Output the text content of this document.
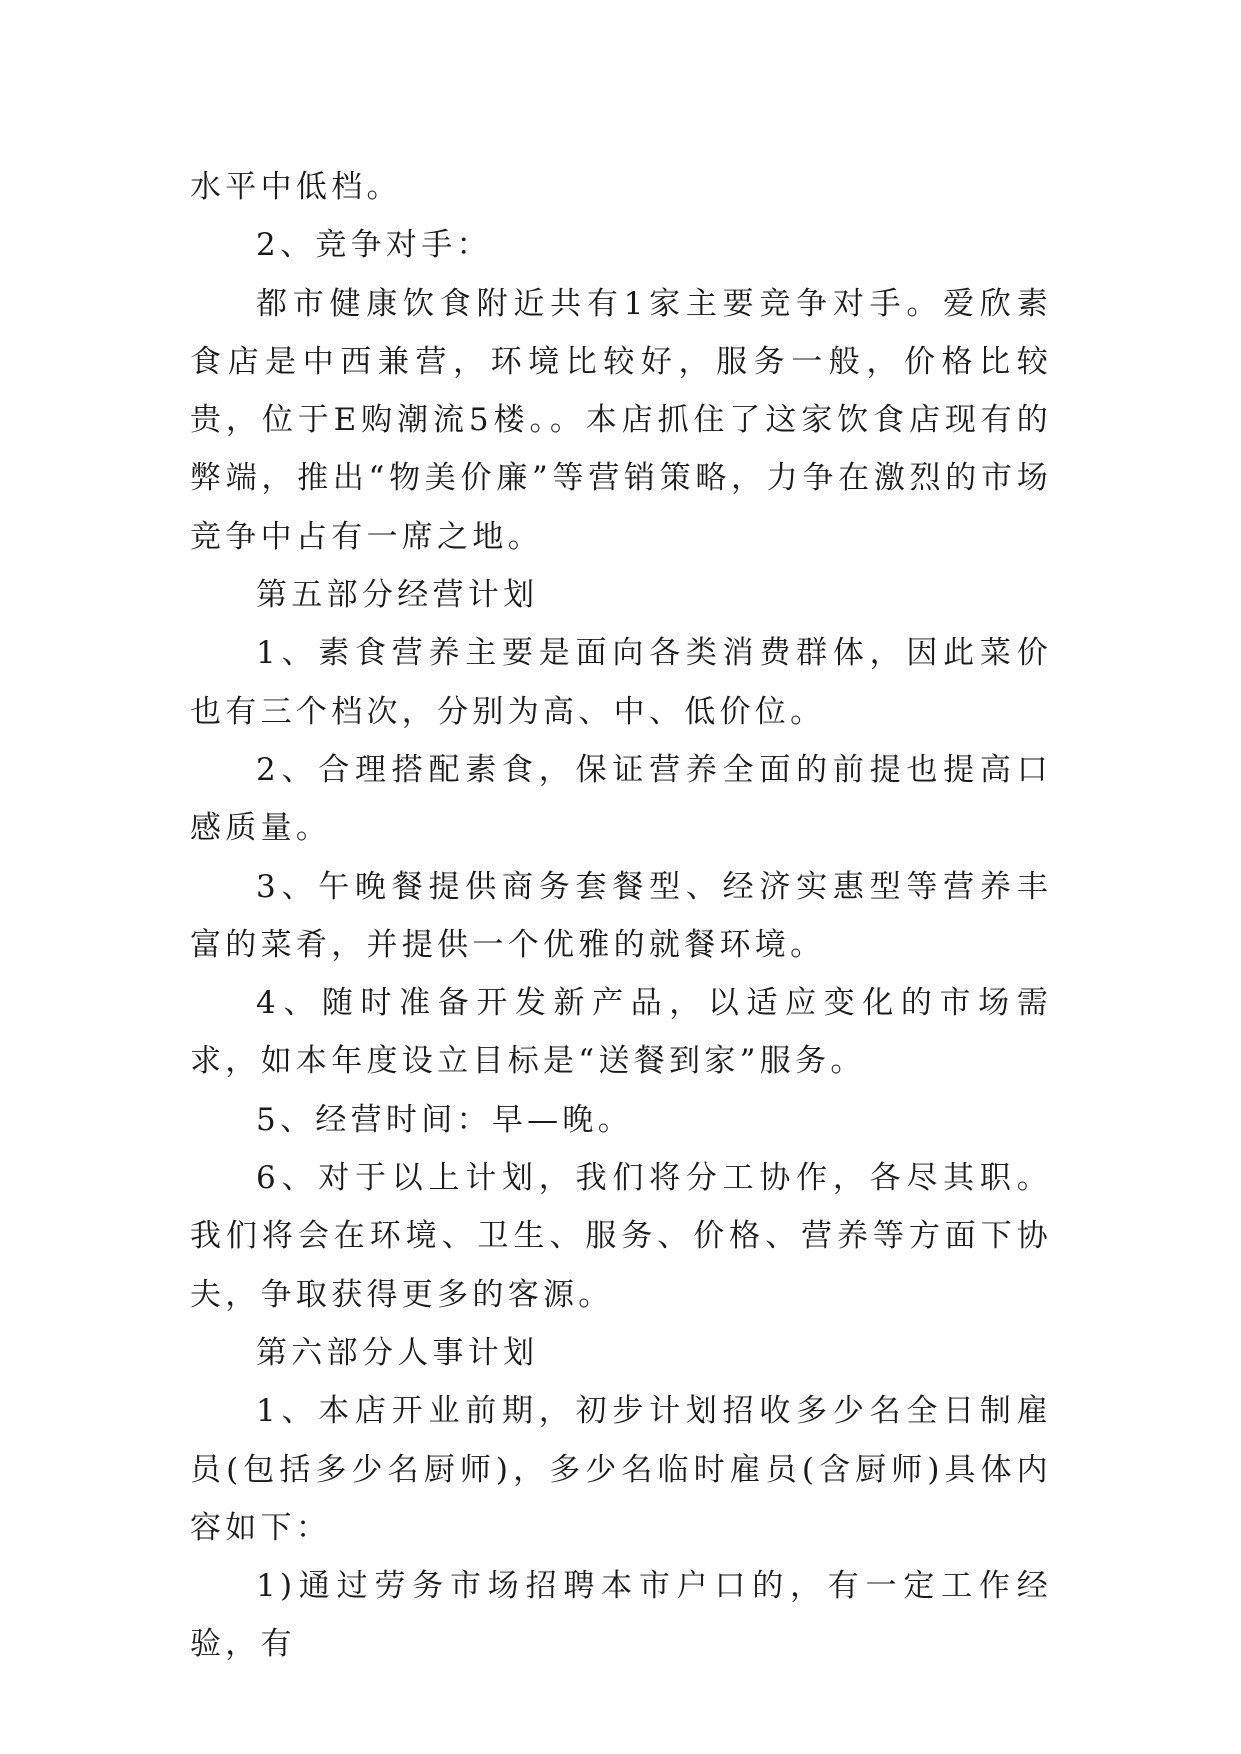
水平中低档。

2、竞争对手：

都市健康饮食附近共有1家主要竞争对手。爱欣素食店是中西兼营，环境比较好，服务一般，价格比较贵，位于E购潮流5楼。。本店抓住了这家饮食店现有的弊端，推出“物美价廉”等营销策略，力争在激烈的市场竞争中占有一席之地。

第五部分经营计划

1、素食营养主要是面向各类消费群体，因此菜价也有三个档次，分别为高、中、低价位。

2、合理搭配素食，保证营养全面的前提也提高口感质量。

3、午晚餐提供商务套餐型、经济实惠型等营养丰富的菜肴，并提供一个优雅的就餐环境。

4、随时准备开发新产品，以适应变化的市场需求，如本年度设立目标是“送餐到家”服务。

5、经营时间：早—晚。

6、对于以上计划，我们将分工协作，各尽其职。我们将会在环境、卫生、服务、价格、营养等方面下协夫，争取获得更多的客源。

第六部分人事计划

1、本店开业前期，初步计划招收多少名全日制雇员(包括多少名厨师)，多少名临时雇员(含厨师)具体内容如下：

1)通过劳务市场招聘本市户口的，有一定工作经验，有
